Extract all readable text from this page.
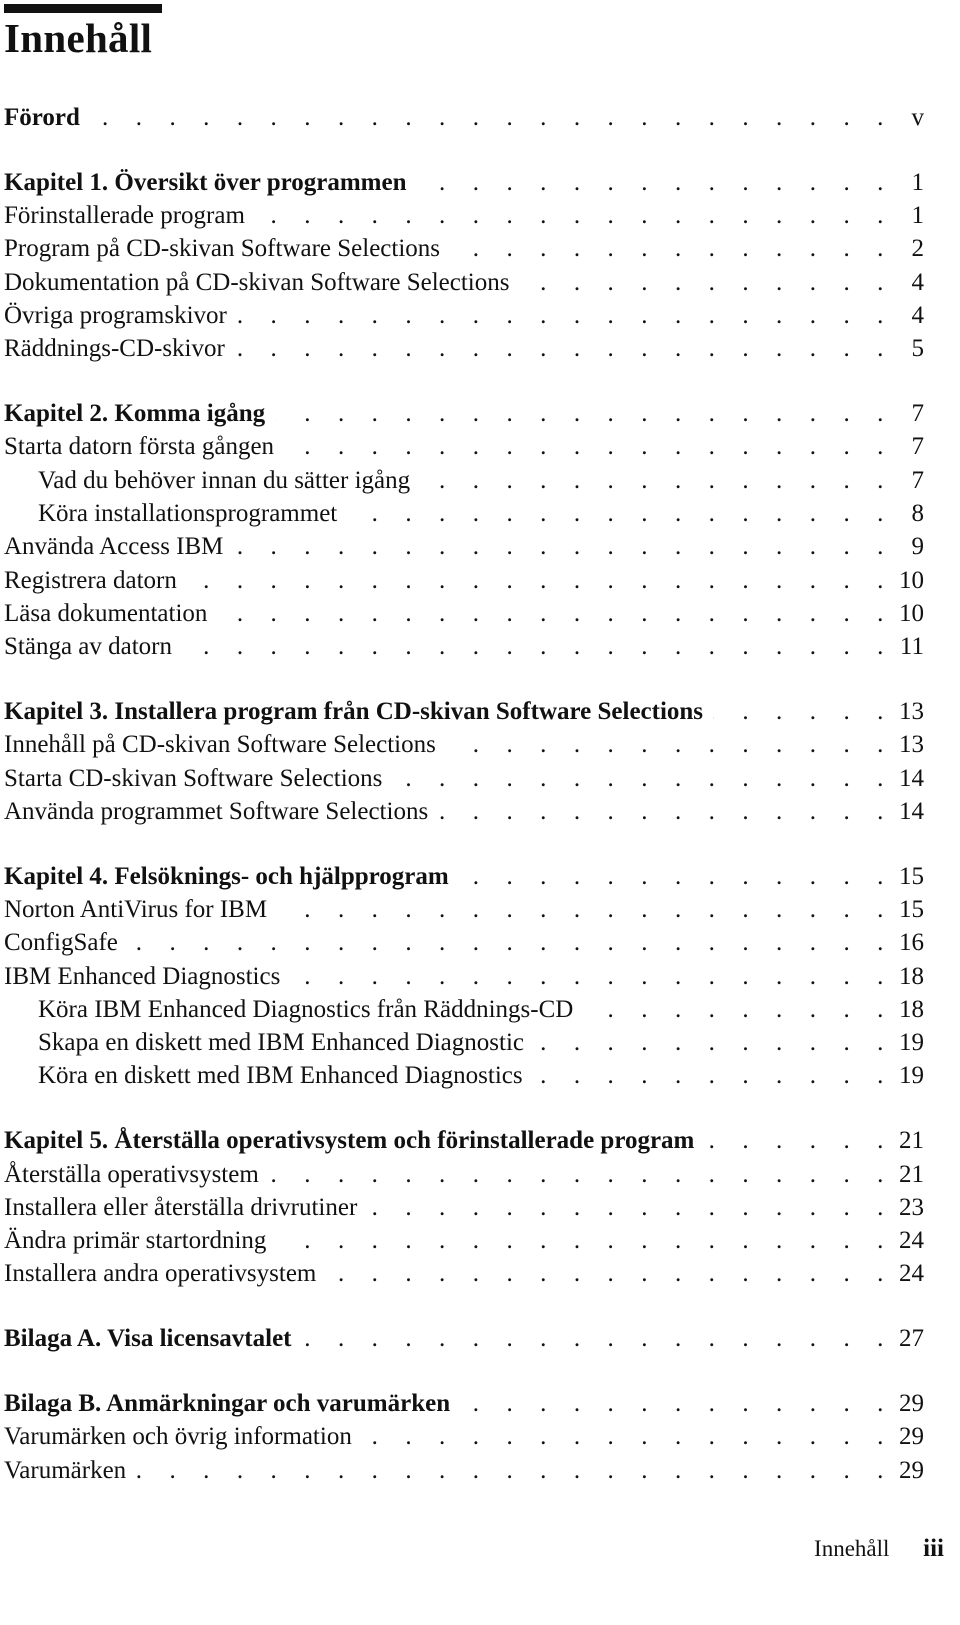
Innehåll
Förord . . .	v
Kapitel 1. Översikt över programmen . . .	1
Förinstallerade program . . .	1
Program på CD-skivan Software Selections . . .	2
Dokumentation på CD-skivan Software Selections . . .	4
Övriga programskivor . . .	4
Räddnings-CD-skivor . . .	5
Kapitel 2. Komma igång . . .	7
Starta datorn första gången . . .	7
Vad du behöver innan du sätter igång . . .	7
Köra installationsprogrammet . . .	8
Använda Access IBM . . .	9
Registrera datorn . . .	10
Läsa dokumentation . . .	10
Stänga av datorn . . .	11
Kapitel 3. Installera program från CD-skivan Software Selections . . .	13
Innehåll på CD-skivan Software Selections . . .	13
Starta CD-skivan Software Selections . . .	14
Använda programmet Software Selections . . .	14
Kapitel 4. Felsöknings- och hjälpprogram . . .	15
Norton AntiVirus for IBM . . .	15
ConfigSafe . . .	16
IBM Enhanced Diagnostics . . .	18
Köra IBM Enhanced Diagnostics från Räddnings-CD . . .	18
Skapa en diskett med IBM Enhanced Diagnostic . . .	19
Köra en diskett med IBM Enhanced Diagnostics . . .	19
Kapitel 5. Återställa operativsystem och förinstallerade program . . .	21
Återställa operativsystem . . .	21
Installera eller återställa drivrutiner . . .	23
Ändra primär startordning . . .	24
Installera andra operativsystem . . .	24
Bilaga A. Visa licensavtalet . . .	27
Bilaga B. Anmärkningar och varumärken . . .	29
Varumärken och övrig information . . .	29
Varumärken . . .	29
Innehåll iii
